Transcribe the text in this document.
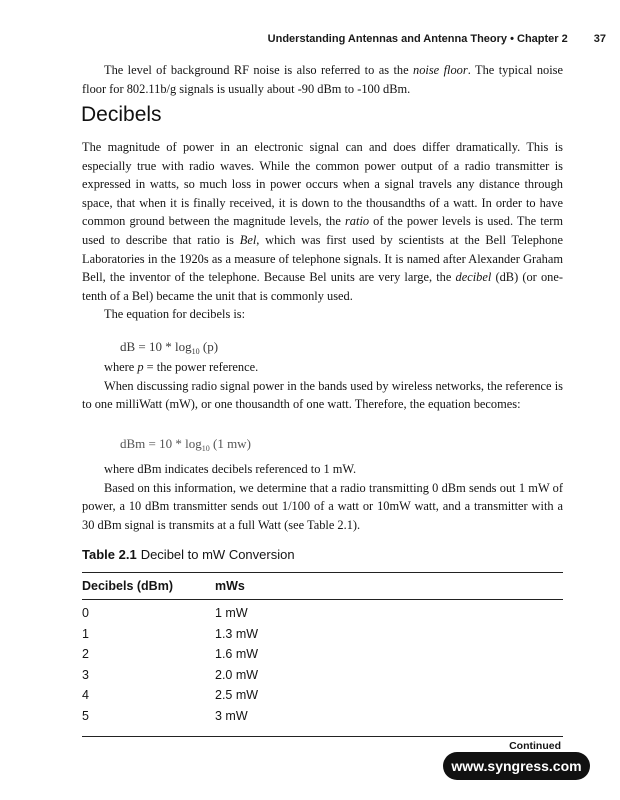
Understanding Antennas and Antenna Theory • Chapter 2 37

The level of background RF noise is also referred to as the noise floor. The typical noise floor for 802.11b/g signals is usually about -90 dBm to -100 dBm.

Decibels

The magnitude of power in an electronic signal can and does differ dramatically. This is especially true with radio waves. While the common power output of a radio transmitter is expressed in watts, so much loss in power occurs when a signal travels any distance through space, that when it is finally received, it is down to the thousandths of a watt. In order to have common ground between the magnitude levels, the ratio of the power levels is used. The term used to describe that ratio is Bel, which was first used by scientists at the Bell Telephone Laboratories in the 1920s as a measure of telephone signals. It is named after Alexander Graham Bell, the inventor of the telephone. Because Bel units are very large, the decibel (dB) (or one-tenth of a Bel) became the unit that is commonly used.

The equation for decibels is:

dB = $10 * \log_{10} (p)$

where p = the power reference.

When discussing radio signal power in the bands used by wireless networks, the reference is to one milliWatt (mW), or one thousandth of one watt. Therefore, the equation becomes:

dBm = $10 * \log_{10} (1$ mw)

where dBm indicates decibels referenced to 1 mW.

Based on this information, we determine that a radio transmitting 0 dBm sends out 1 mW of power, a 10 dBm transmitter sends out 1/100 of a watt or 10mW watt, and a transmitter with a 30 dBm signal is transmits at a full Watt (see Table 2.1).

Table 2.1 Decibel to mW Conversion
Decibels (dBm)	mWs
0	1 mW
1	1.3 mW
2	1.6 mW
3	2.0 mW
4	2.5 mW
5	3 mW
Continued
www.syngress.com
